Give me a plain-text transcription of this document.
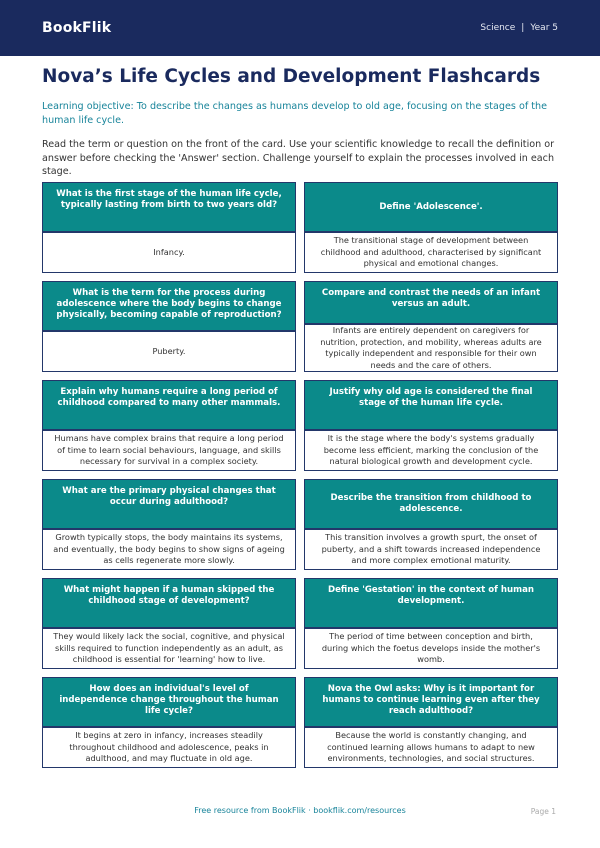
BookFlik	Science | Year 5
Nova’s Life Cycles and Development Flashcards

Learning objective: To describe the changes as humans develop to old age, focusing on the stages of the human life cycle.

Read the term or question on the front of the card. Use your scientific knowledge to recall the definition or answer before checking the 'Answer' section. Challenge yourself to explain the processes involved in each stage.

What is the first stage of the human life cycle, typically lasting from birth to two years old?
Infancy.
Define 'Adolescence'.
The transitional stage of development between childhood and adulthood, characterised by significant physical and emotional changes.
What is the term for the process during adolescence where the body begins to change physically, becoming capable of reproduction?
Puberty.
Compare and contrast the needs of an infant versus an adult.
Infants are entirely dependent on caregivers for nutrition, protection, and mobility, whereas adults are typically independent and responsible for their own needs and the care of others.
Explain why humans require a long period of childhood compared to many other mammals.
Humans have complex brains that require a long period of time to learn social behaviours, language, and skills necessary for survival in a complex society.
Justify why old age is considered the final stage of the human life cycle.
It is the stage where the body's systems gradually become less efficient, marking the conclusion of the natural biological growth and development cycle.
What are the primary physical changes that occur during adulthood?
Growth typically stops, the body maintains its systems, and eventually, the body begins to show signs of ageing as cells regenerate more slowly.
Describe the transition from childhood to adolescence.
This transition involves a growth spurt, the onset of puberty, and a shift towards increased independence and more complex emotional maturity.
What might happen if a human skipped the childhood stage of development?
They would likely lack the social, cognitive, and physical skills required to function independently as an adult, as childhood is essential for 'learning' how to live.
Define 'Gestation' in the context of human development.
The period of time between conception and birth, during which the foetus develops inside the mother's womb.
How does an individual's level of independence change throughout the human life cycle?
It begins at zero in infancy, increases steadily throughout childhood and adolescence, peaks in adulthood, and may fluctuate in old age.
Nova the Owl asks: Why is it important for humans to continue learning even after they reach adulthood?
Because the world is constantly changing, and continued learning allows humans to adapt to new environments, technologies, and social structures.
Free resource from BookFlik · bookflik.com/resources	Page 1
